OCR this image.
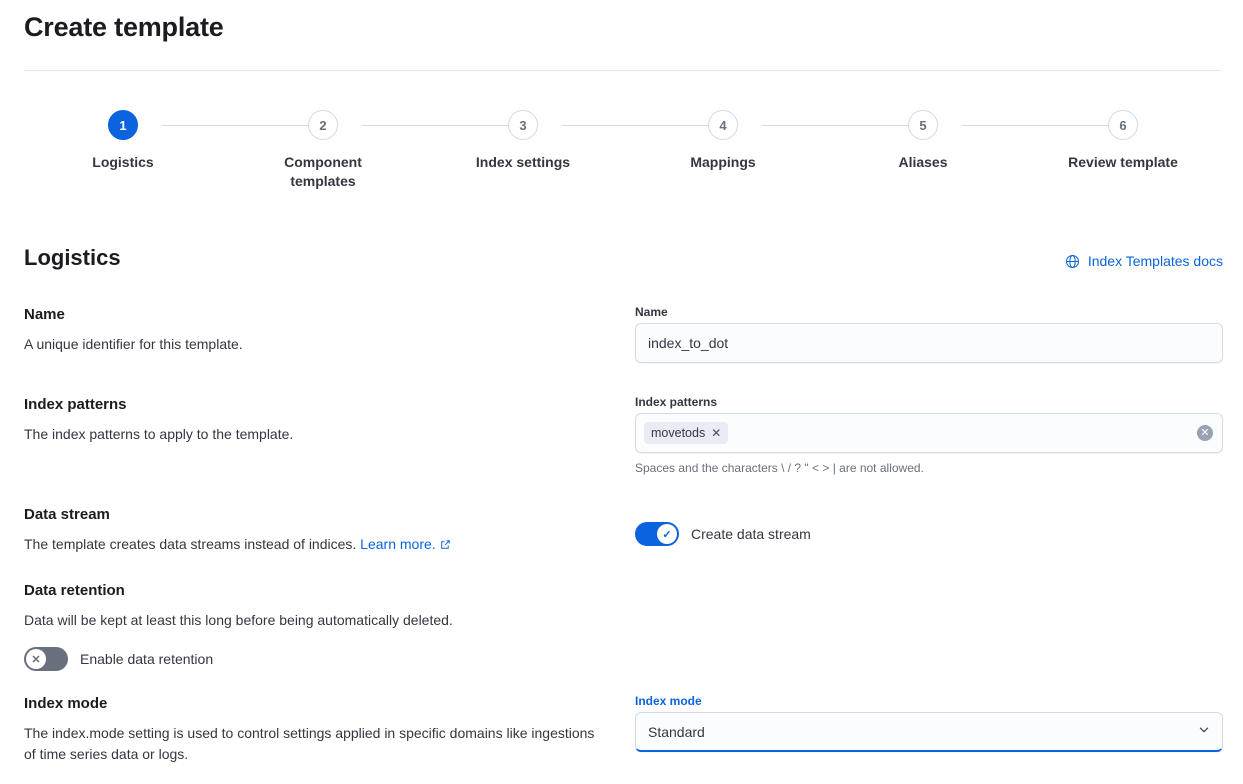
Create template
1
Logistics
2
Component templates
3
Index settings
4
Mappings
5
Aliases
6
Review template
Logistics	Index Templates docs
Name
A unique identifier for this template.
Name
index_to_dot
Index patterns
The index patterns to apply to the template.
Index patterns
movetods ✕	✕
Spaces and the characters \ / ? " < > | are not allowed.
Data stream
The template creates data streams instead of indices. Learn more.
✓	Create data stream
Data retention
Data will be kept at least this long before being automatically deleted.
✕	Enable data retention
Index mode
The index.mode setting is used to control settings applied in specific domains like ingestions of time series data or logs.
Index mode
Standard
